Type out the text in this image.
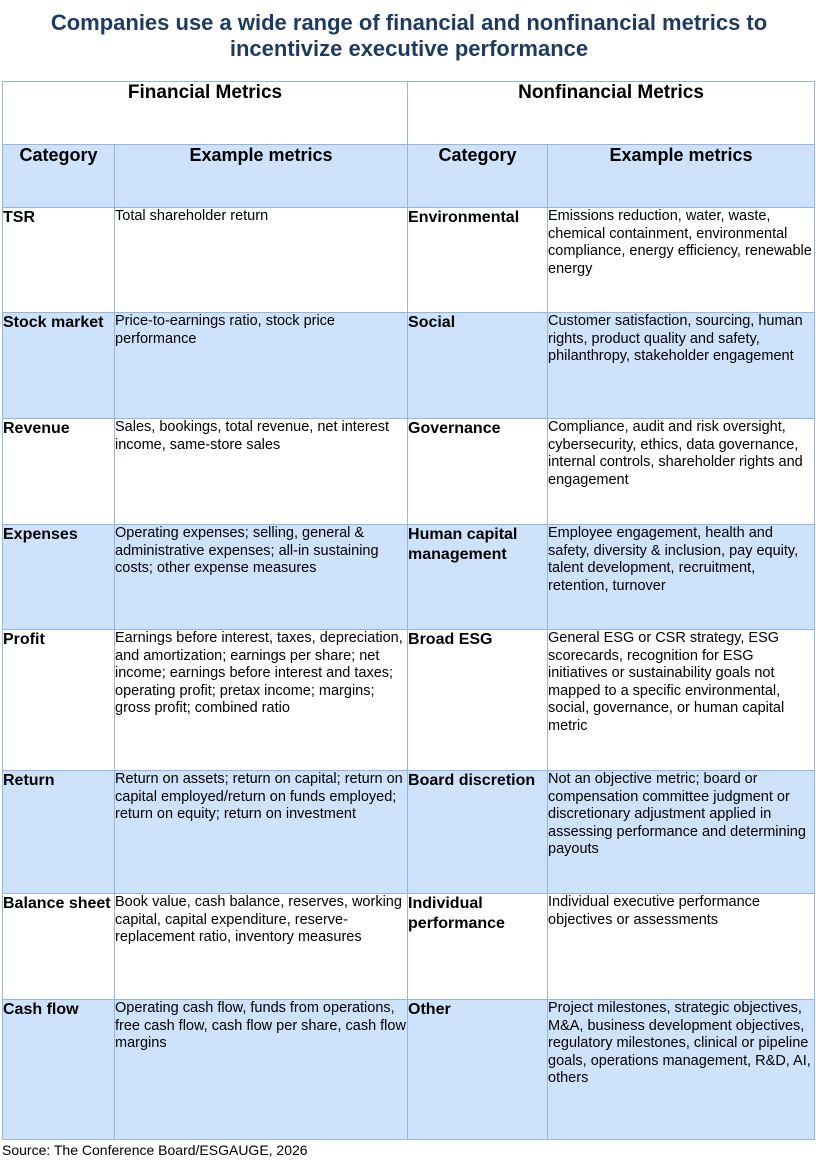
Companies use a wide range of financial and nonfinancial metrics to incentivize executive performance
Financial Metrics		Nonfinancial Metrics	
Category	Example metrics	Category	Example metrics
TSR	Total shareholder return	Environmental	Emissions reduction, water, waste, chemical containment, environmental compliance, energy efficiency, renewable energy
Stock market	Price-to-earnings ratio, stock price performance	Social	Customer satisfaction, sourcing, human rights, product quality and safety, philanthropy, stakeholder engagement
Revenue	Sales, bookings, total revenue, net interest income, same-store sales	Governance	Compliance, audit and risk oversight, cybersecurity, ethics, data governance, internal controls, shareholder rights and engagement
Expenses	Operating expenses; selling, general & administrative expenses; all-in sustaining costs; other expense measures	Human capital management	Employee engagement, health and safety, diversity & inclusion, pay equity, talent development, recruitment, retention, turnover
Profit	Earnings before interest, taxes, depreciation, and amortization; earnings per share; net income; earnings before interest and taxes; operating profit; pretax income; margins; gross profit; combined ratio	Broad ESG	General ESG or CSR strategy, ESG scorecards, recognition for ESG initiatives or sustainability goals not mapped to a specific environmental, social, governance, or human capital metric
Return	Return on assets; return on capital; return on capital employed/return on funds employed; return on equity; return on investment	Board discretion	Not an objective metric; board or compensation committee judgment or discretionary adjustment applied in assessing performance and determining payouts
Balance sheet	Book value, cash balance, reserves, working capital, capital expenditure, reserve-replacement ratio, inventory measures	Individual performance	Individual executive performance objectives or assessments
Cash flow	Operating cash flow, funds from operations, free cash flow, cash flow per share, cash flow margins	Other	Project milestones, strategic objectives, M&A, business development objectives, regulatory milestones, clinical or pipeline goals, operations management, R&D, AI, others
Source: The Conference Board/ESGAUGE, 2026
